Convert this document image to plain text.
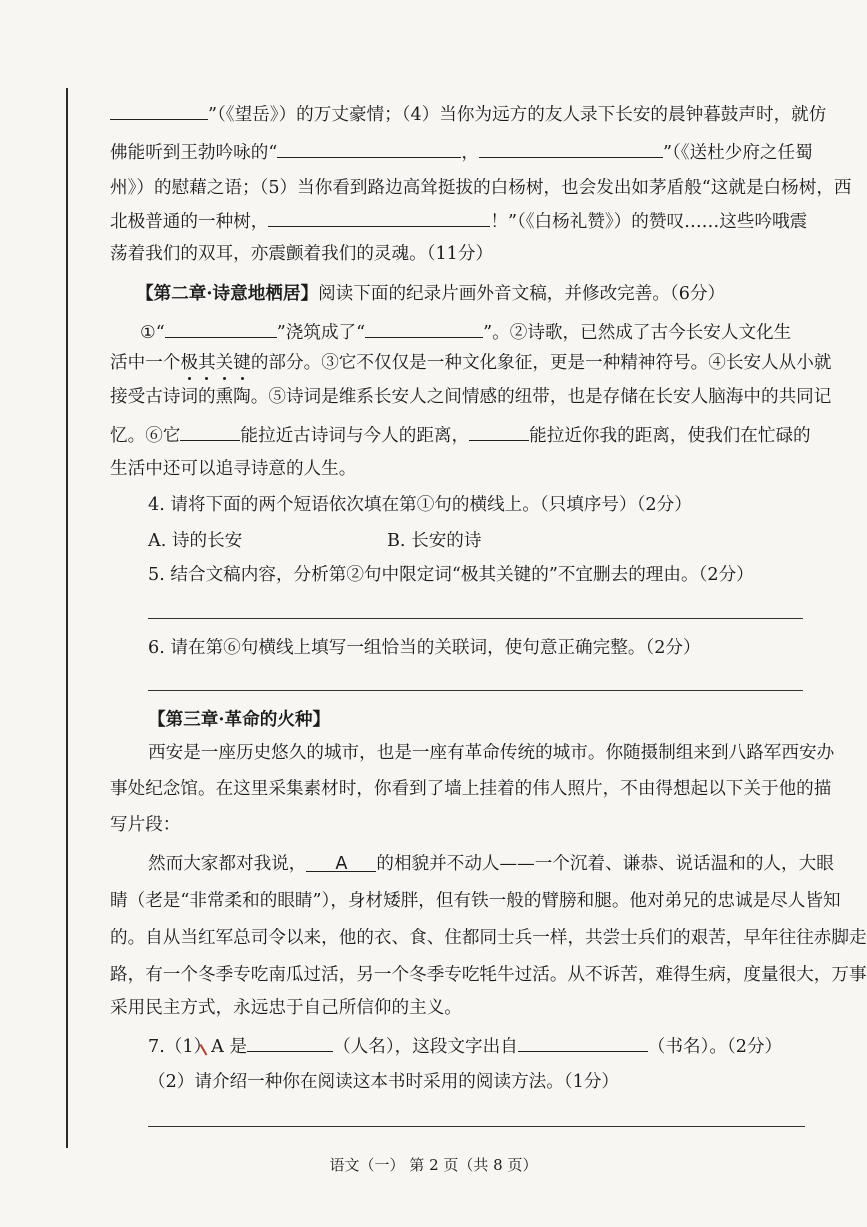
”（《望岳》）的万丈豪情；（4）当你为远方的友人录下长安的晨钟暮鼓声时，就仿
佛能听到王勃吟咏的“	，	”（《送杜少府之任蜀
州》）的慰藉之语；（5）当你看到路边高耸挺拔的白杨树，也会发出如茅盾般“这就是白杨树，西
北极普通的一种树，	！”（《白杨礼赞》）的赞叹……这些吟哦震
荡着我们的双耳，亦震颤着我们的灵魂。（11分）
【第二章·诗意地栖居】阅读下面的纪录片画外音文稿，并修改完善。（6分）
①“	”浇筑成了“	”。②诗歌，已然成了古今长安人文化生
活中一个极其关键的部分。③它不仅仅是一种文化象征，更是一种精神符号。④长安人从小就
接受古诗词的熏陶。⑤诗词是维系长安人之间情感的纽带，也是存储在长安人脑海中的共同记
忆。⑥它	能拉近古诗词与今人的距离，	能拉近你我的距离，使我们在忙碌的
生活中还可以追寻诗意的人生。
4. 请将下面的两个短语依次填在第①句的横线上。（只填序号）（2分）
A. 诗的长安	B. 长安的诗
5. 结合文稿内容，分析第②句中限定词“极其关键的”不宜删去的理由。（2分）
6. 请在第⑥句横线上填写一组恰当的关联词，使句意正确完整。（2分）
【第三章·革命的火种】
西安是一座历史悠久的城市，也是一座有革命传统的城市。你随摄制组来到八路军西安办
事处纪念馆。在这里采集素材时，你看到了墙上挂着的伟人照片，不由得想起以下关于他的描
写片段：
然而大家都对我说， A 的相貌并不动人——一个沉着、谦恭、说话温和的人，大眼
睛（老是“非常柔和的眼睛”），身材矮胖，但有铁一般的臂膀和腿。他对弟兄的忠诚是尽人皆知
的。自从当红军总司令以来，他的衣、食、住都同士兵一样，共尝士兵们的艰苦，早年往往赤脚走
路，有一个冬季专吃南瓜过活，另一个冬季专吃牦牛过活。从不诉苦，难得生病，度量很大，万事
采用民主方式，永远忠于自己所信仰的主义。
7.（1）A 是	（人名），这段文字出自	（书名）。（2分）
（2）请介绍一种你在阅读这本书时采用的阅读方法。（1分）
语文（一） 第 2 页（共 8 页）
